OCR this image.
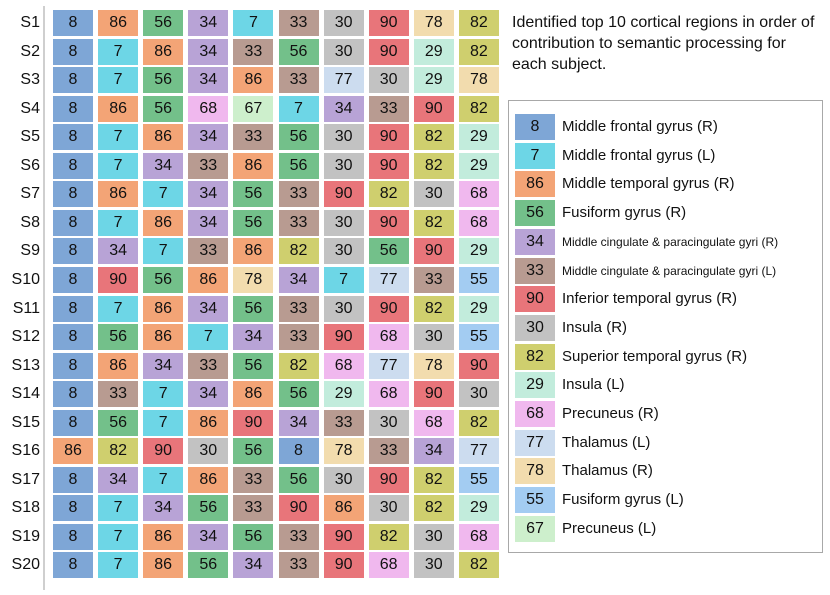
S1	8	86	56	34	7	33	30	90	78	82
S2	8	7	86	34	33	56	30	90	29	82
S3	8	7	56	34	86	33	77	30	29	78
S4	8	86	56	68	67	7	34	33	90	82
S5	8	7	86	34	33	56	30	90	82	29
S6	8	7	34	33	86	56	30	90	82	29
S7	8	86	7	34	56	33	90	82	30	68
S8	8	7	86	34	56	33	30	90	82	68
S9	8	34	7	33	86	82	30	56	90	29
S10	8	90	56	86	78	34	7	77	33	55
S11	8	7	86	34	56	33	30	90	82	29
S12	8	56	86	7	34	33	90	68	30	55
S13	8	86	34	33	56	82	68	77	78	90
S14	8	33	7	34	86	56	29	68	90	30
S15	8	56	7	86	90	34	33	30	68	82
S16	86	82	90	30	56	8	78	33	34	77
S17	8	34	7	86	33	56	30	90	82	55
S18	8	7	34	56	33	90	86	30	82	29
S19	8	7	86	34	56	33	90	82	30	68
S20	8	7	86	56	34	33	90	68	30	82
Identified top 10 cortical regions in order of contribution to semantic processing for each subject.
8	Middle frontal gyrus (R)
7	Middle frontal gyrus (L)
86	Middle temporal gyrus (R)
56	Fusiform gyrus (R)
34	Middle cingulate & paracingulate gyri (R)
33	Middle cingulate & paracingulate gyri (L)
90	Inferior temporal gyrus (R)
30	Insula (R)
82	Superior temporal gyrus (R)
29	Insula (L)
68	Precuneus (R)
77	Thalamus (L)
78	Thalamus (R)
55	Fusiform gyrus (L)
67	Precuneus (L)
